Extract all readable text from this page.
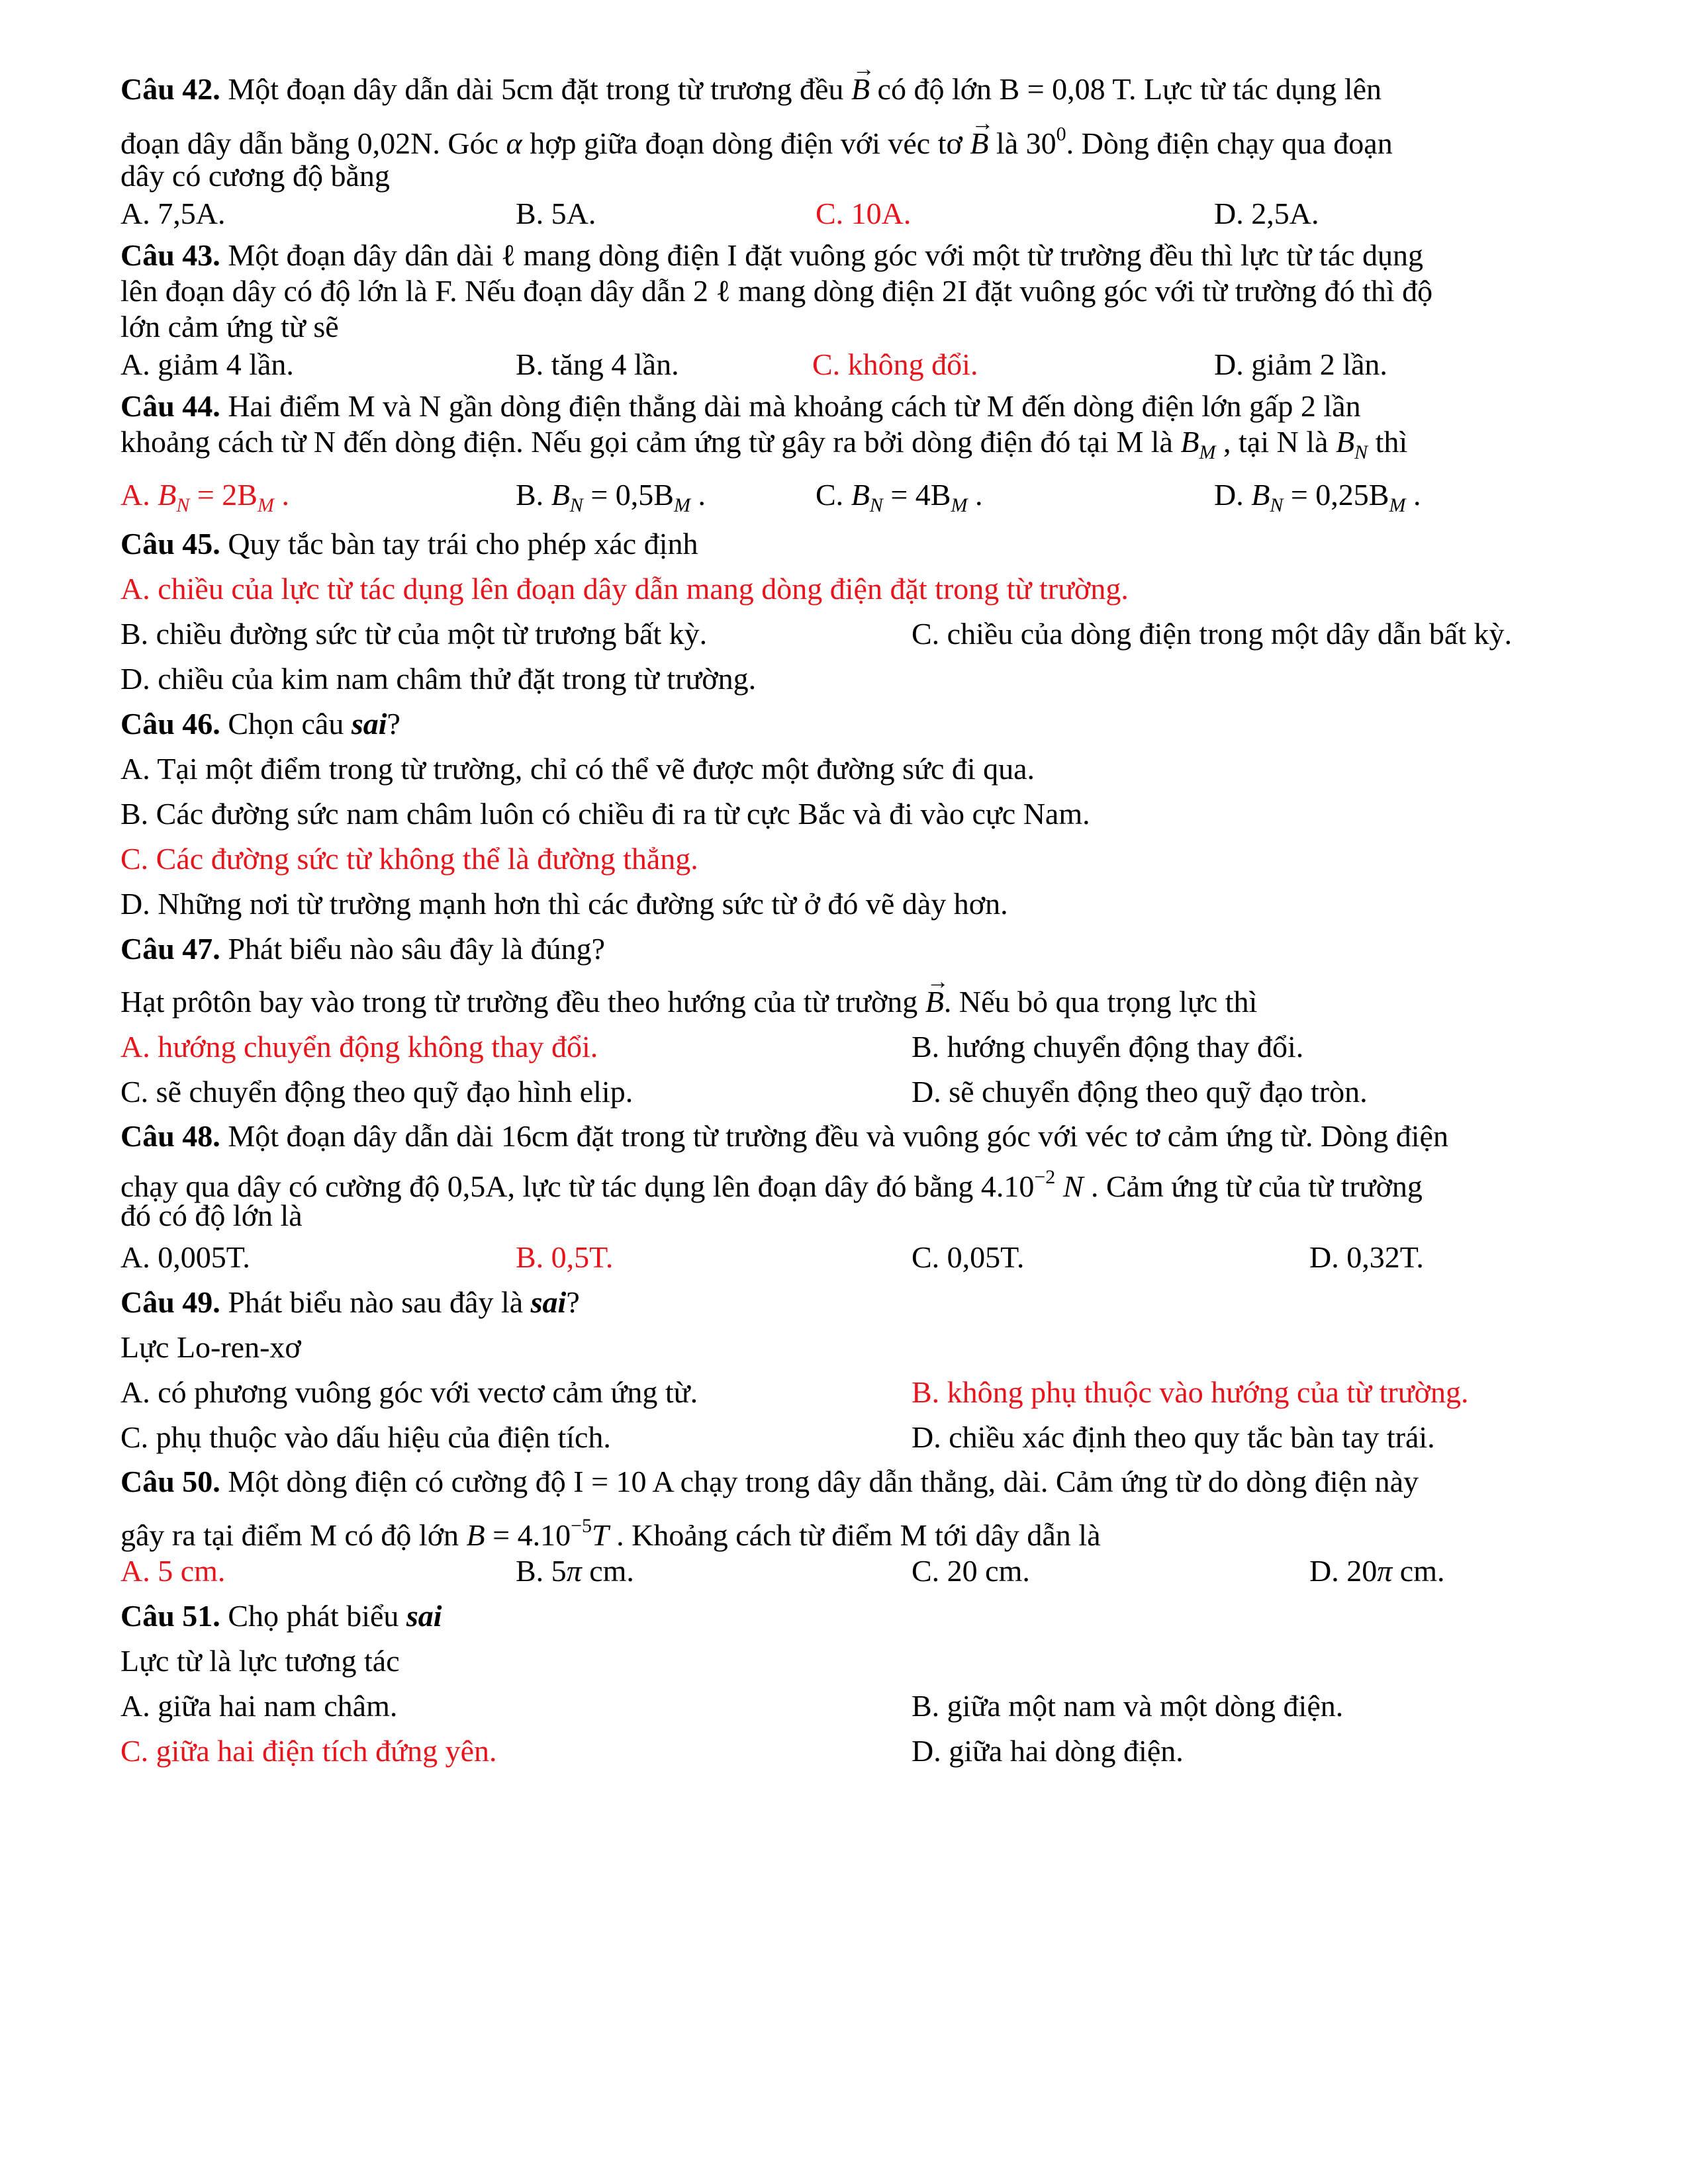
Câu 42. Một đoạn dây dẫn dài 5cm đặt trong từ trương đều → B có độ lớn B = 0,08 T. Lực từ tác dụng lên
đoạn dây dẫn bằng 0,02N. Góc α hợp giữa đoạn dòng điện với véc tơ → B là $30^0$. Dòng điện chạy qua đoạn
dây có cương độ bằng
A. 7,5A.	B. 5A.	C. 10A.	D. 2,5A.
Câu 43. Một đoạn dây dân dài ℓ mang dòng điện I đặt vuông góc với một từ trường đều thì lực từ tác dụng
lên đoạn dây có độ lớn là F. Nếu đoạn dây dẫn 2 ℓ mang dòng điện 2I đặt vuông góc với từ trường đó thì độ
lớn cảm ứng từ sẽ
A. giảm 4 lần.	B. tăng 4 lần.	C. không đổi.	D. giảm 2 lần.
Câu 44. Hai điểm M và N gần dòng điện thẳng dài mà khoảng cách từ M đến dòng điện lớn gấp 2 lần
khoảng cách từ N đến dòng điện. Nếu gọi cảm ứng từ gây ra bởi dòng điện đó tại M là $B_M$ , tại N là $B_N$ thì
A. $B_N = 2B_M$ .	B. $B_N = 0,5B_M$ .	C. $B_N = 4B_M$ .	D. $B_N = 0,25B_M$ .
Câu 45. Quy tắc bàn tay trái cho phép xác định
A. chiều của lực từ tác dụng lên đoạn dây dẫn mang dòng điện đặt trong từ trường.
B. chiều đường sức từ của một từ trương bất kỳ.	C. chiều của dòng điện trong một dây dẫn bất kỳ.
D. chiều của kim nam châm thử đặt trong từ trường.
Câu 46. Chọn câu sai?
A. Tại một điểm trong từ trường, chỉ có thể vẽ được một đường sức đi qua.
B. Các đường sức nam châm luôn có chiều đi ra từ cực Bắc và đi vào cực Nam.
C. Các đường sức từ không thể là đường thẳng.
D. Những nơi từ trường mạnh hơn thì các đường sức từ ở đó vẽ dày hơn.
Câu 47. Phát biểu nào sâu đây là đúng?
Hạt prôtôn bay vào trong từ trường đều theo hướng của từ trường → B. Nếu bỏ qua trọng lực thì
A. hướng chuyển động không thay đổi.	B. hướng chuyển động thay đổi.
C. sẽ chuyển động theo quỹ đạo hình elip.	D. sẽ chuyển động theo quỹ đạo tròn.
Câu 48. Một đoạn dây dẫn dài 16cm đặt trong từ trường đều và vuông góc với véc tơ cảm ứng từ. Dòng điện
chạy qua dây có cường độ 0,5A, lực từ tác dụng lên đoạn dây đó bằng $4.10^{-2}$ N . Cảm ứng từ của từ trường
đó có độ lớn là
A. 0,005T.	B. 0,5T.	C. 0,05T.	D. 0,32T.
Câu 49. Phát biểu nào sau đây là sai?
Lực Lo-ren-xơ
A. có phương vuông góc với vectơ cảm ứng từ.	B. không phụ thuộc vào hướng của từ trường.
C. phụ thuộc vào dấu hiệu của điện tích.	D. chiều xác định theo quy tắc bàn tay trái.
Câu 50. Một dòng điện có cường độ I = 10 A chạy trong dây dẫn thẳng, dài. Cảm ứng từ do dòng điện này
gây ra tại điểm M có độ lớn $B = 4.10^{-5}T$ . Khoảng cách từ điểm M tới dây dẫn là
A. 5 cm.	B. 5π cm.	C. 20 cm.	D. 20π cm.
Câu 51. Chọ phát biểu sai
Lực từ là lực tương tác
A. giữa hai nam châm.	B. giữa một nam và một dòng điện.
C. giữa hai điện tích đứng yên.	D. giữa hai dòng điện.
